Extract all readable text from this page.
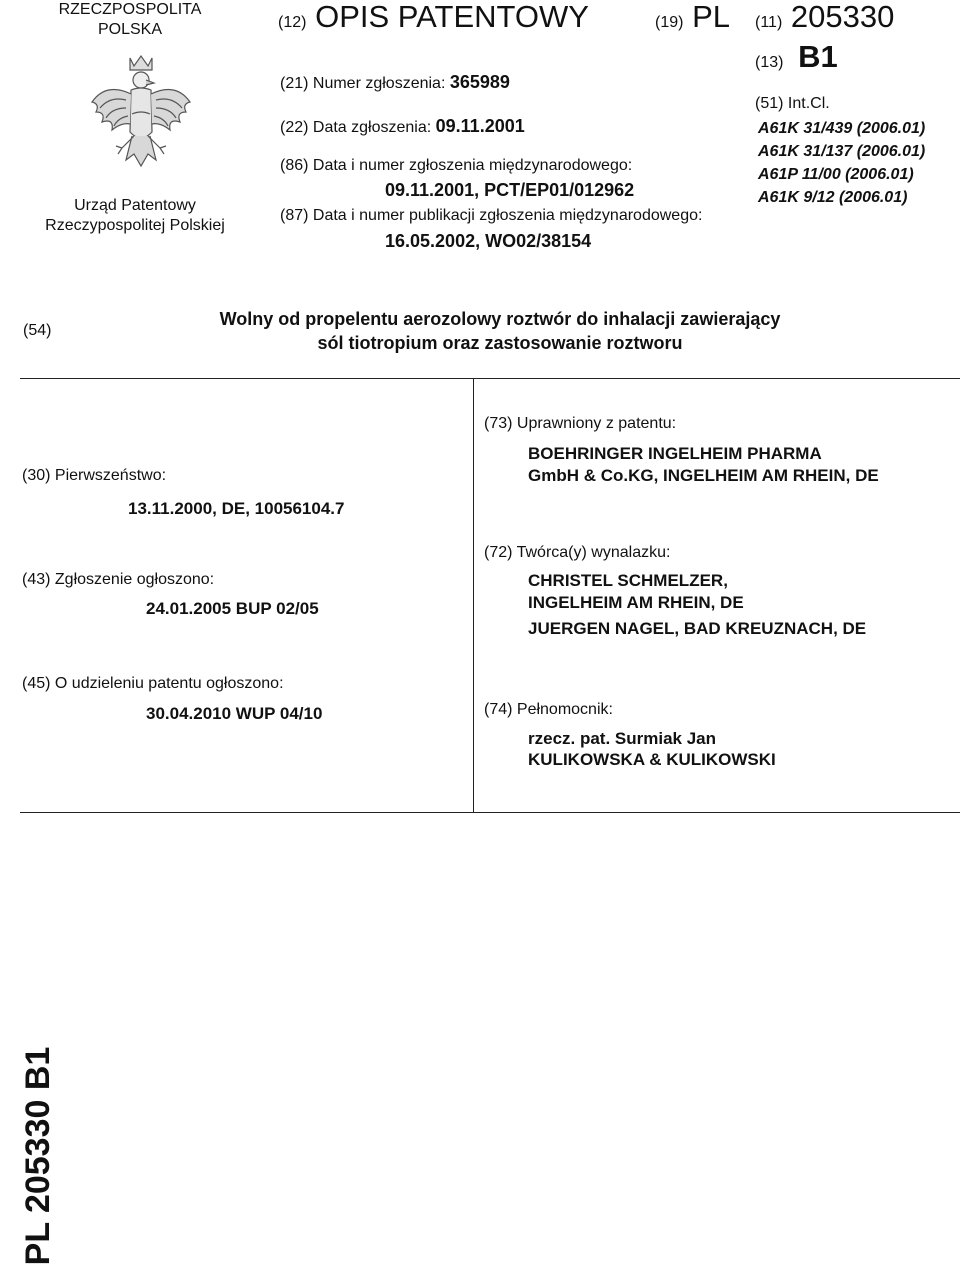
RZECZPOSPOLITA
POLSKA
Urząd Patentowy
Rzeczypospolitej Polskiej
(12) OPIS PATENTOWY	(19) PL
(21) Numer zgłoszenia: 365989
(22) Data zgłoszenia: 09.11.2001
(86) Data i numer zgłoszenia międzynarodowego:
09.11.2001, PCT/EP01/012962
(87) Data i numer publikacji zgłoszenia międzynarodowego:
16.05.2002, WO02/38154
(11) 205330
(13) B1
(51) Int.Cl.
A61K 31/439 (2006.01)
A61K 31/137 (2006.01)
A61P 11/00 (2006.01)
A61K 9/12 (2006.01)
(54)
Wolny od propelentu aerozolowy roztwór do inhalacji zawierający
sól tiotropium oraz zastosowanie roztworu
(30) Pierwszeństwo:
13.11.2000, DE, 10056104.7
(43) Zgłoszenie ogłoszono:
24.01.2005 BUP 02/05
(45) O udzieleniu patentu ogłoszono:
30.04.2010 WUP 04/10
(73) Uprawniony z patentu:
BOEHRINGER INGELHEIM PHARMA
GmbH & Co.KG, INGELHEIM AM RHEIN, DE
(72) Twórca(y) wynalazku:
CHRISTEL SCHMELZER,
INGELHEIM AM RHEIN, DE
JUERGEN NAGEL, BAD KREUZNACH, DE
(74) Pełnomocnik:
rzecz. pat. Surmiak Jan
KULIKOWSKA & KULIKOWSKI
PL 205330 B1
